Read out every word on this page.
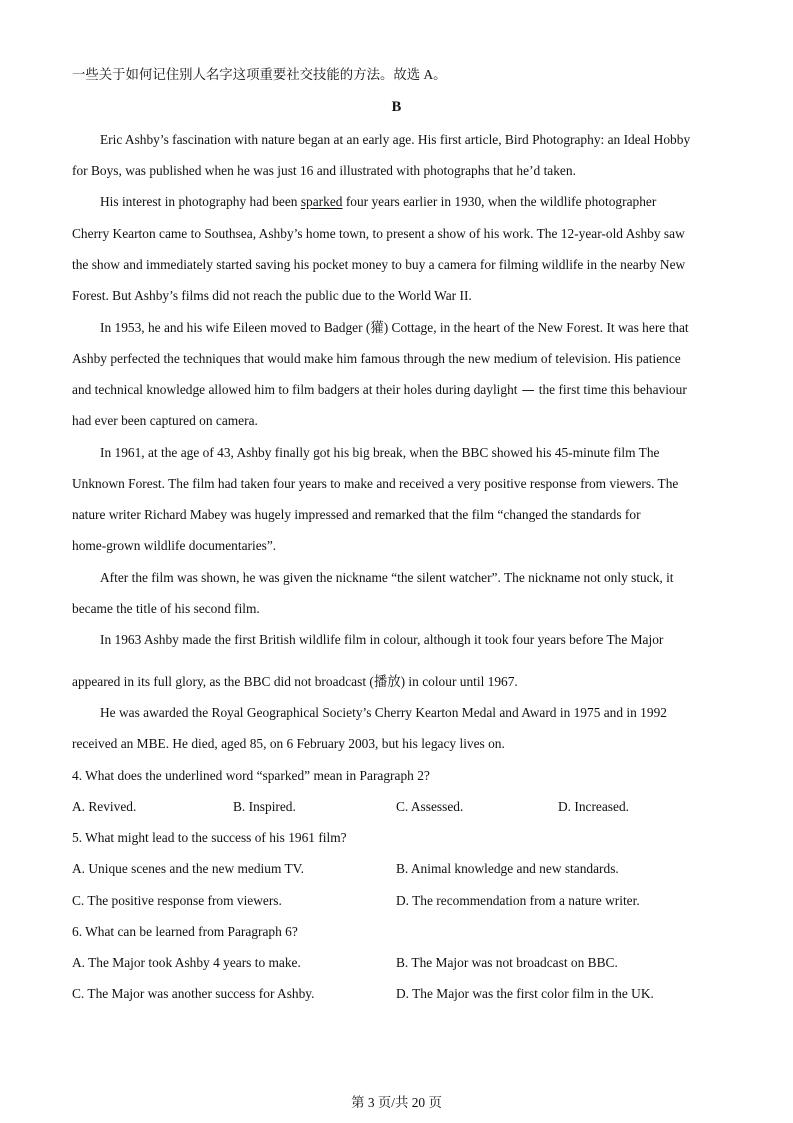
一些关于如何记住别人名字这项重要社交技能的方法。故选 A。
B
Eric Ashby’s fascination with nature began at an early age. His first article, Bird Photography: an Ideal Hobby
for Boys, was published when he was just 16 and illustrated with photographs that he’d taken.
His interest in photography had been sparked four years earlier in 1930, when the wildlife photographer
Cherry Kearton came to Southsea, Ashby’s home town, to present a show of his work. The 12-year-old Ashby saw
the show and immediately started saving his pocket money to buy a camera for filming wildlife in the nearby New
Forest. But Ashby’s films did not reach the public due to the World War II.
In 1953, he and his wife Eileen moved to Badger (獾) Cottage, in the heart of the New Forest. It was here that
Ashby perfected the techniques that would make him famous through the new medium of television. His patience
and technical knowledge allowed him to film badgers at their holes during daylight — the first time this behaviour
had ever been captured on camera.
In 1961, at the age of 43, Ashby finally got his big break, when the BBC showed his 45-minute film The
Unknown Forest. The film had taken four years to make and received a very positive response from viewers. The
nature writer Richard Mabey was hugely impressed and remarked that the film “changed the standards for
home-grown wildlife documentaries”.
After the film was shown, he was given the nickname “the silent watcher”. The nickname not only stuck, it
became the title of his second film.
In 1963 Ashby made the first British wildlife film in colour, although it took four years before The Major
appeared in its full glory, as the BBC did not broadcast (播放) in colour until 1967.
He was awarded the Royal Geographical Society’s Cherry Kearton Medal and Award in 1975 and in 1992
received an MBE. He died, aged 85, on 6 February 2003, but his legacy lives on.
4. What does the underlined word “sparked” mean in Paragraph 2?
A. Revived.	B. Inspired.	C. Assessed.	D. Increased.
5. What might lead to the success of his 1961 film?
A. Unique scenes and the new medium TV.	B. Animal knowledge and new standards.
C. The positive response from viewers.	D. The recommendation from a nature writer.
6. What can be learned from Paragraph 6?
A. The Major took Ashby 4 years to make.	B. The Major was not broadcast on BBC.
C. The Major was another success for Ashby.	D. The Major was the first color film in the UK.
第 3 页/共 20 页
